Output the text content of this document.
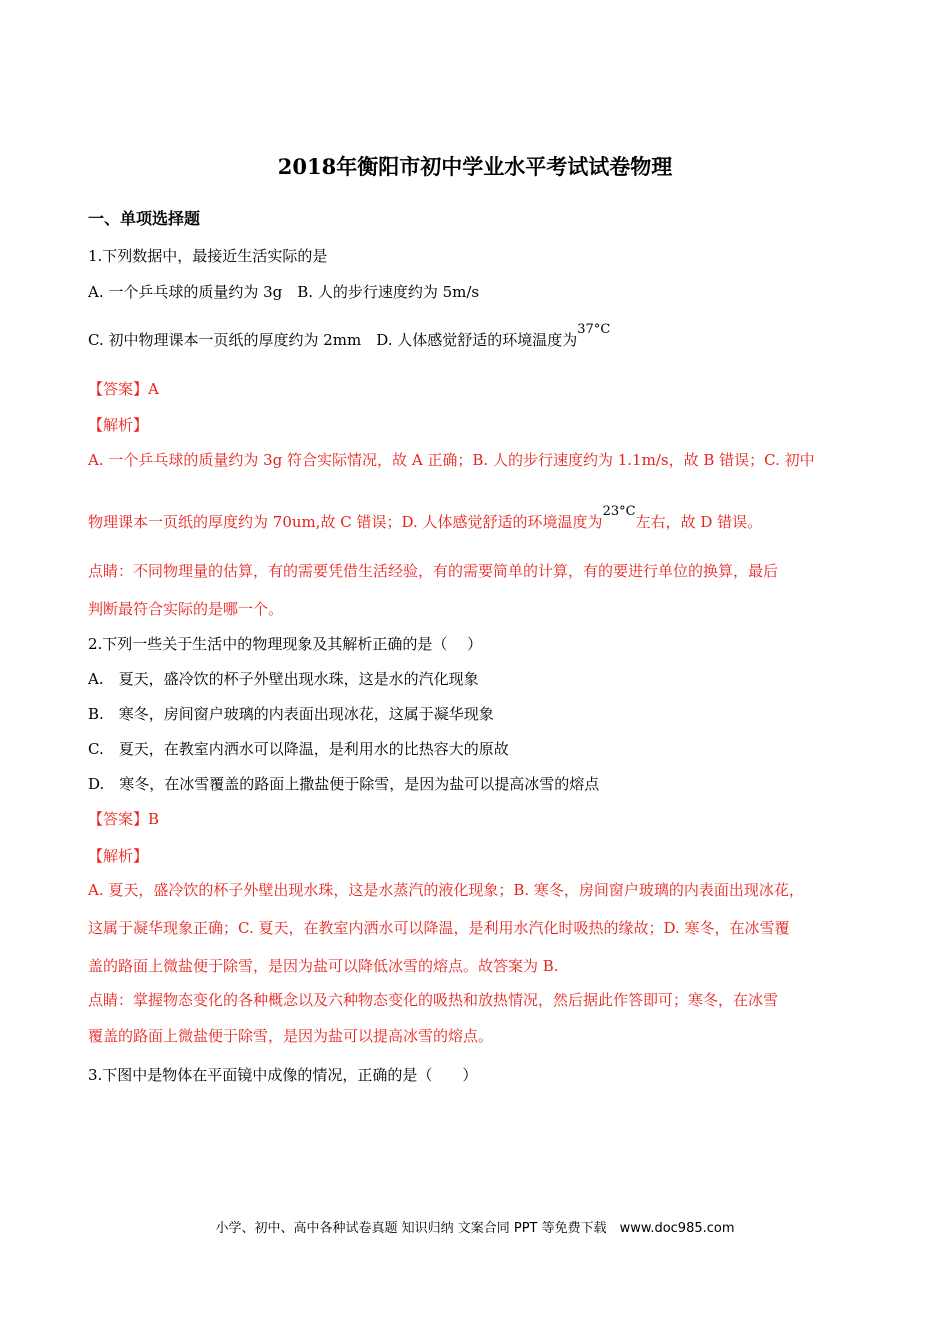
2018年衡阳市初中学业水平考试试卷物理
一、单项选择题
1.下列数据中，最接近生活实际的是
A. 一个乒乓球的质量约为 3g　B. 人的步行速度约为 5m/s
C. 初中物理课本一页纸的厚度约为 2mm　D. 人体感觉舒适的环境温度为37°C
【答案】A
【解析】
A. 一个乒乓球的质量约为 3g 符合实际情况，故 A 正确；B. 人的步行速度约为 1.1m/s，故 B 错误；C. 初中
物理课本一页纸的厚度约为 70um,故 C 错误；D. 人体感觉舒适的环境温度为23°C左右，故 D 错误。
点睛：不同物理量的估算，有的需要凭借生活经验，有的需要简单的计算，有的要进行单位的换算，最后
判断最符合实际的是哪一个。
2.下列一些关于生活中的物理现象及其解析正确的是（　 ）
A.　夏天，盛冷饮的杯子外壁出现水珠，这是水的汽化现象
B.　寒冬，房间窗户玻璃的内表面出现冰花，这属于凝华现象
C.　夏天，在教室内洒水可以降温，是利用水的比热容大的原故
D.　寒冬，在冰雪覆盖的路面上撒盐便于除雪，是因为盐可以提高冰雪的熔点
【答案】B
【解析】
A. 夏天，盛冷饮的杯子外壁出现水珠，这是水蒸汽的液化现象；B. 寒冬，房间窗户玻璃的内表面出现冰花，
这属于凝华现象正确；C. 夏天，在教室内洒水可以降温，是利用水汽化时吸热的缘故；D. 寒冬，在冰雪覆
盖的路面上微盐便于除雪，是因为盐可以降低冰雪的熔点。故答案为 B.
点睛：掌握物态变化的各种概念以及六种物态变化的吸热和放热情况，然后据此作答即可；寒冬，在冰雪
覆盖的路面上微盐便于除雪，是因为盐可以提高冰雪的熔点。
3.下图中是物体在平面镜中成像的情况，正确的是（　　）
小学、初中、高中各种试卷真题 知识归纳 文案合同 PPT 等免费下载　www.doc985.com
